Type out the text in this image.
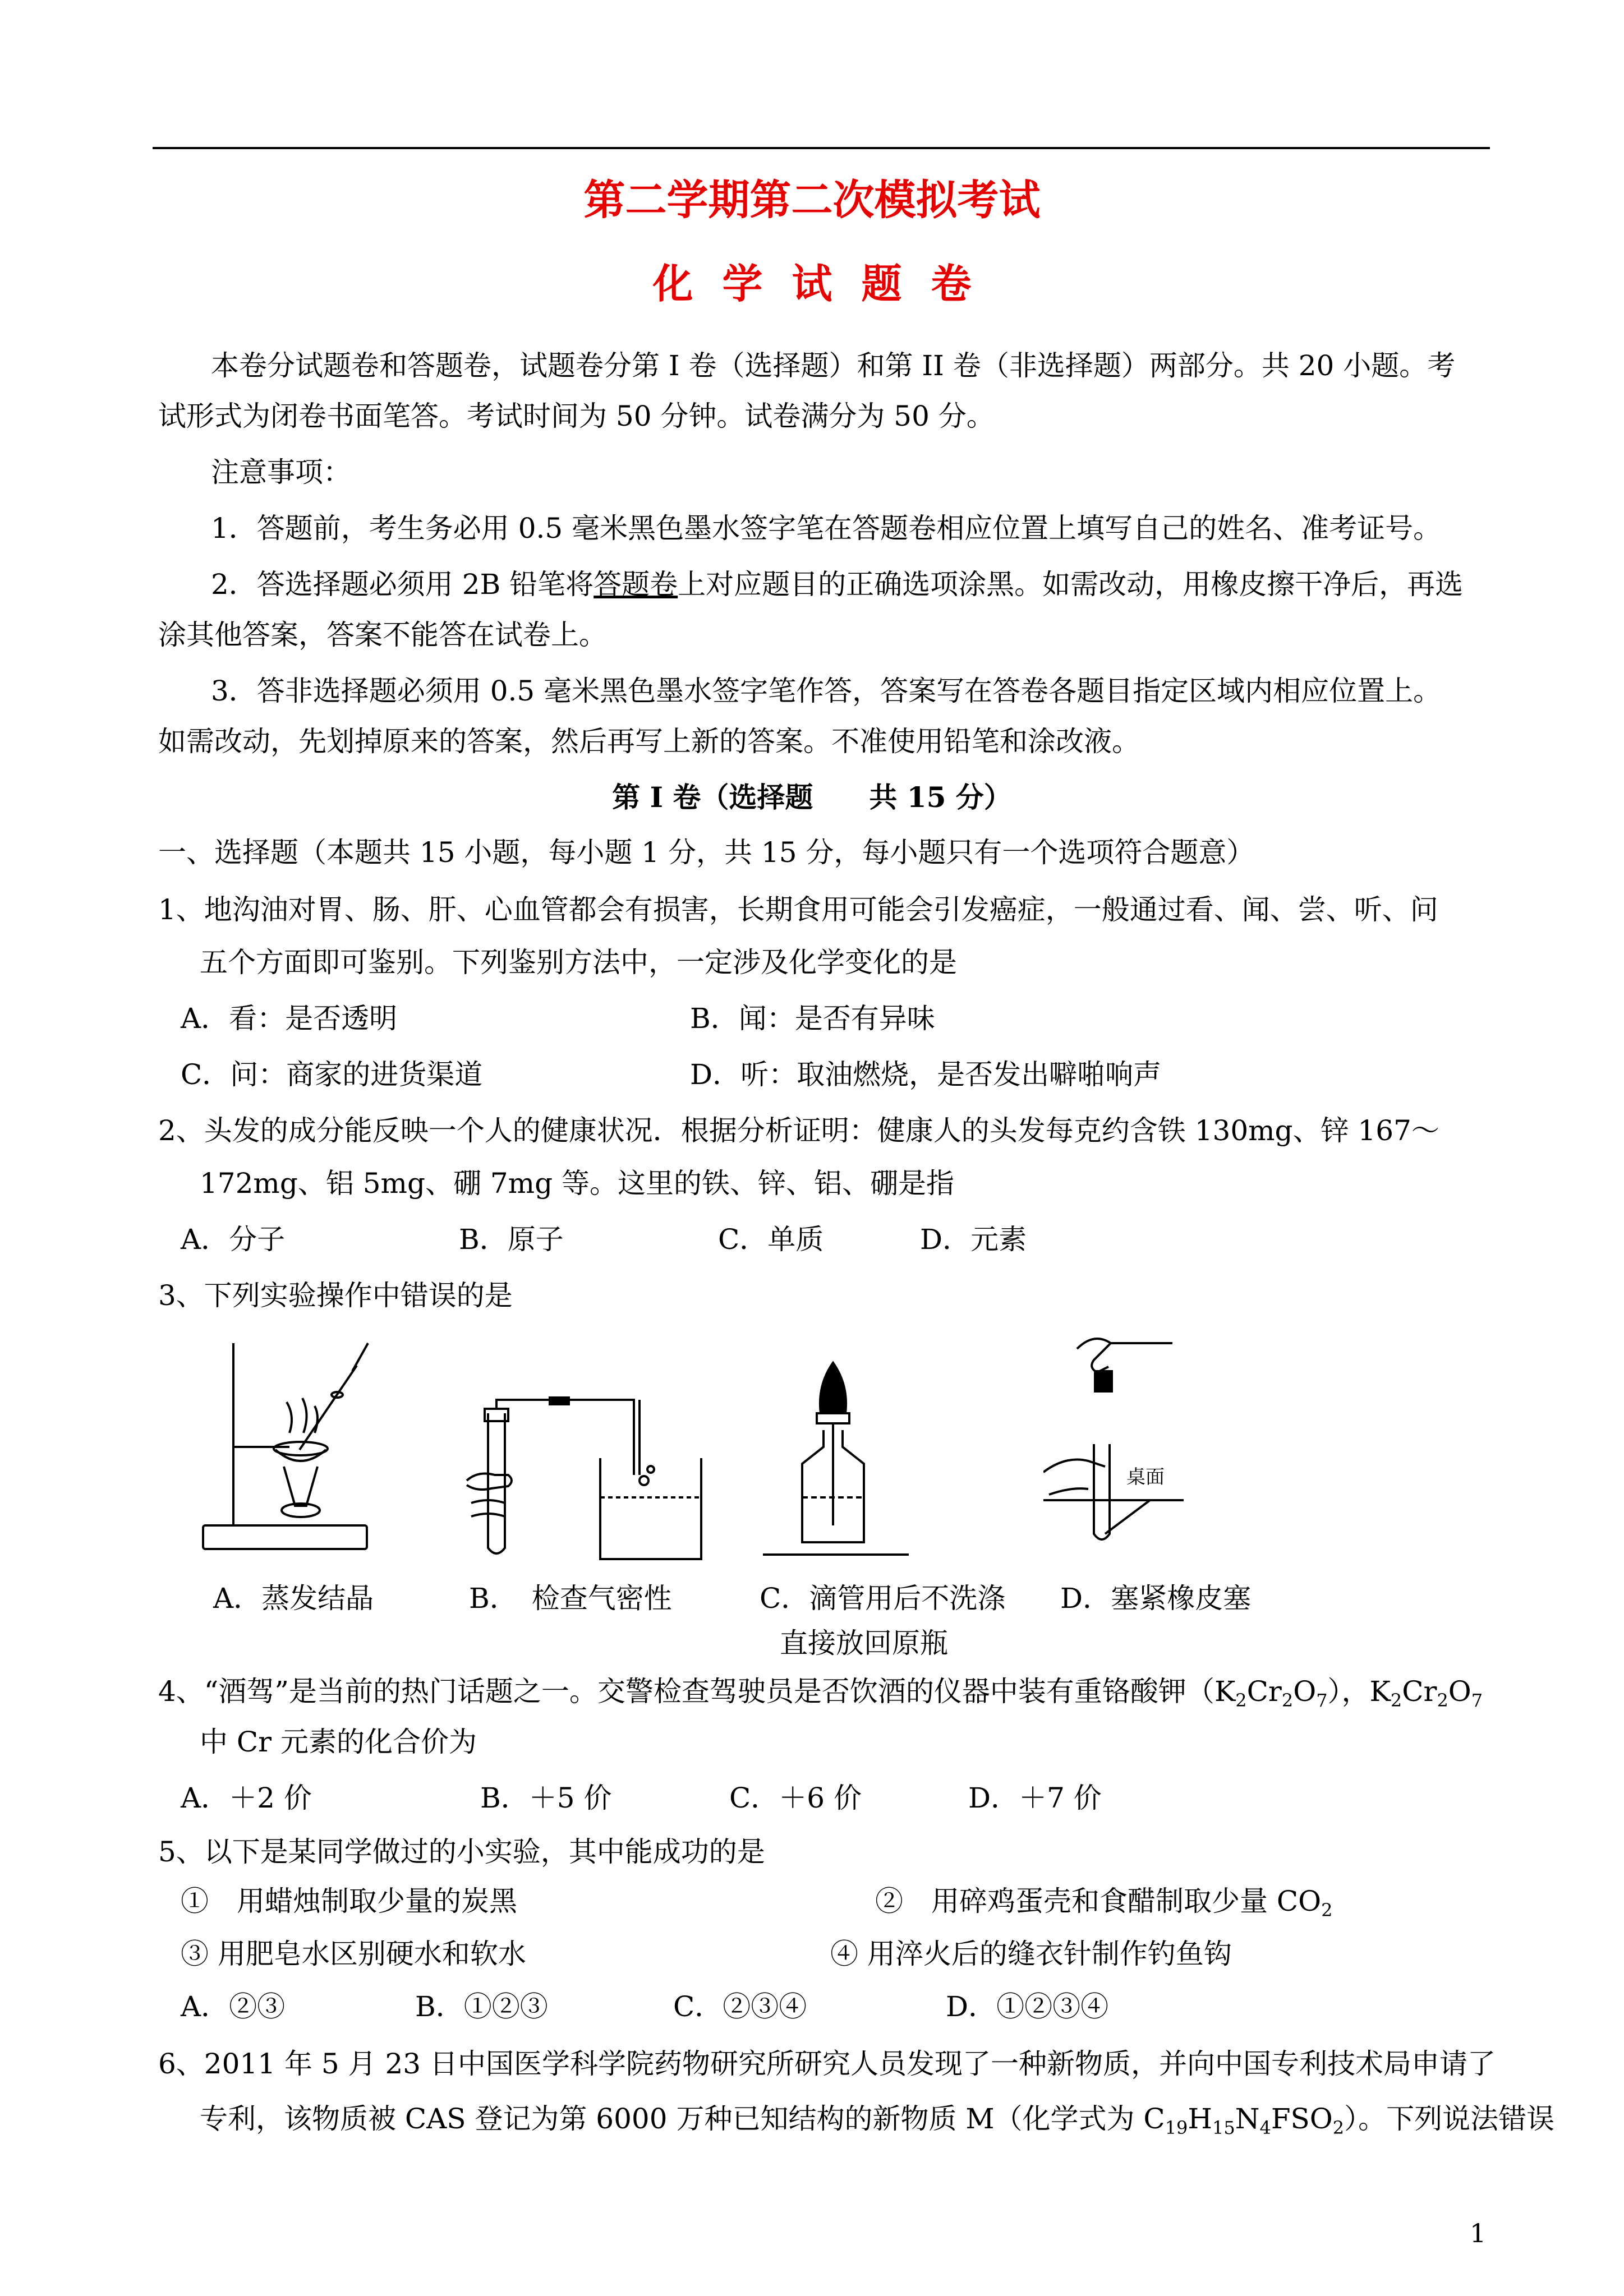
第二学期第二次模拟考试
化学试题卷
本卷分试题卷和答题卷，试题卷分第 I 卷（选择题）和第 II 卷（非选择题）两部分。共 20 小题。考
试形式为闭卷书面笔答。考试时间为 50 分钟。试卷满分为 50 分。
注意事项：
1．答题前，考生务必用 0.5 毫米黑色墨水签字笔在答题卷相应位置上填写自己的姓名、准考证号。
2．答选择题必须用 2B 铅笔将答题卷上对应题目的正确选项涂黑。如需改动，用橡皮擦干净后，再选
涂其他答案，答案不能答在试卷上。
3．答非选择题必须用 0.5 毫米黑色墨水签字笔作答，答案写在答卷各题目指定区域内相应位置上。
如需改动，先划掉原来的答案，然后再写上新的答案。不准使用铅笔和涂改液。
第 I 卷（选择题　　共 15 分）
一、选择题（本题共 15 小题，每小题 1 分，共 15 分，每小题只有一个选项符合题意）
1、地沟油对胃、肠、肝、心血管都会有损害，长期食用可能会引发癌症，一般通过看、闻、尝、听、问
五个方面即可鉴别。下列鉴别方法中，一定涉及化学变化的是
A．看：是否透明	B．闻：是否有异味
C．问：商家的进货渠道	D．听：取油燃烧，是否发出噼啪响声
2、头发的成分能反映一个人的健康状况．根据分析证明：健康人的头发每克约含铁 130mg、锌 167～
172mg、铝 5mg、硼 7mg 等。这里的铁、锌、铝、硼是指
A．分子	B．原子	C．单质	D．元素
3、下列实验操作中错误的是
桌面
A．蒸发结晶	B．　检查气密性	C．滴管用后不洗涤
直接放回原瓶
D．塞紧橡皮塞
4、“酒驾”是当前的热门话题之一。交警检查驾驶员是否饮酒的仪器中装有重铬酸钾$(K_2Cr_2O_7)$，$K_2Cr_2O_7$
中 Cr 元素的化合价为
A．＋2 价	B．＋5 价	C．＋6 价	D．＋7 价
5、以下是某同学做过的小实验，其中能成功的是
①　用蜡烛制取少量的炭黑	②　用碎鸡蛋壳和食醋制取少量 $CO_2$
③ 用肥皂水区别硬水和软水	④ 用淬火后的缝衣针制作钓鱼钩
A．②③	B．①②③	C．②③④	D．①②③④
6、2011 年 5 月 23 日中国医学科学院药物研究所研究人员发现了一种新物质，并向中国专利技术局申请了
专利，该物质被 CAS 登记为第 6000 万种已知结构的新物质 M（化学式为 $C_{19}H_{15}N_4FSO_2$）。下列说法错误
1
